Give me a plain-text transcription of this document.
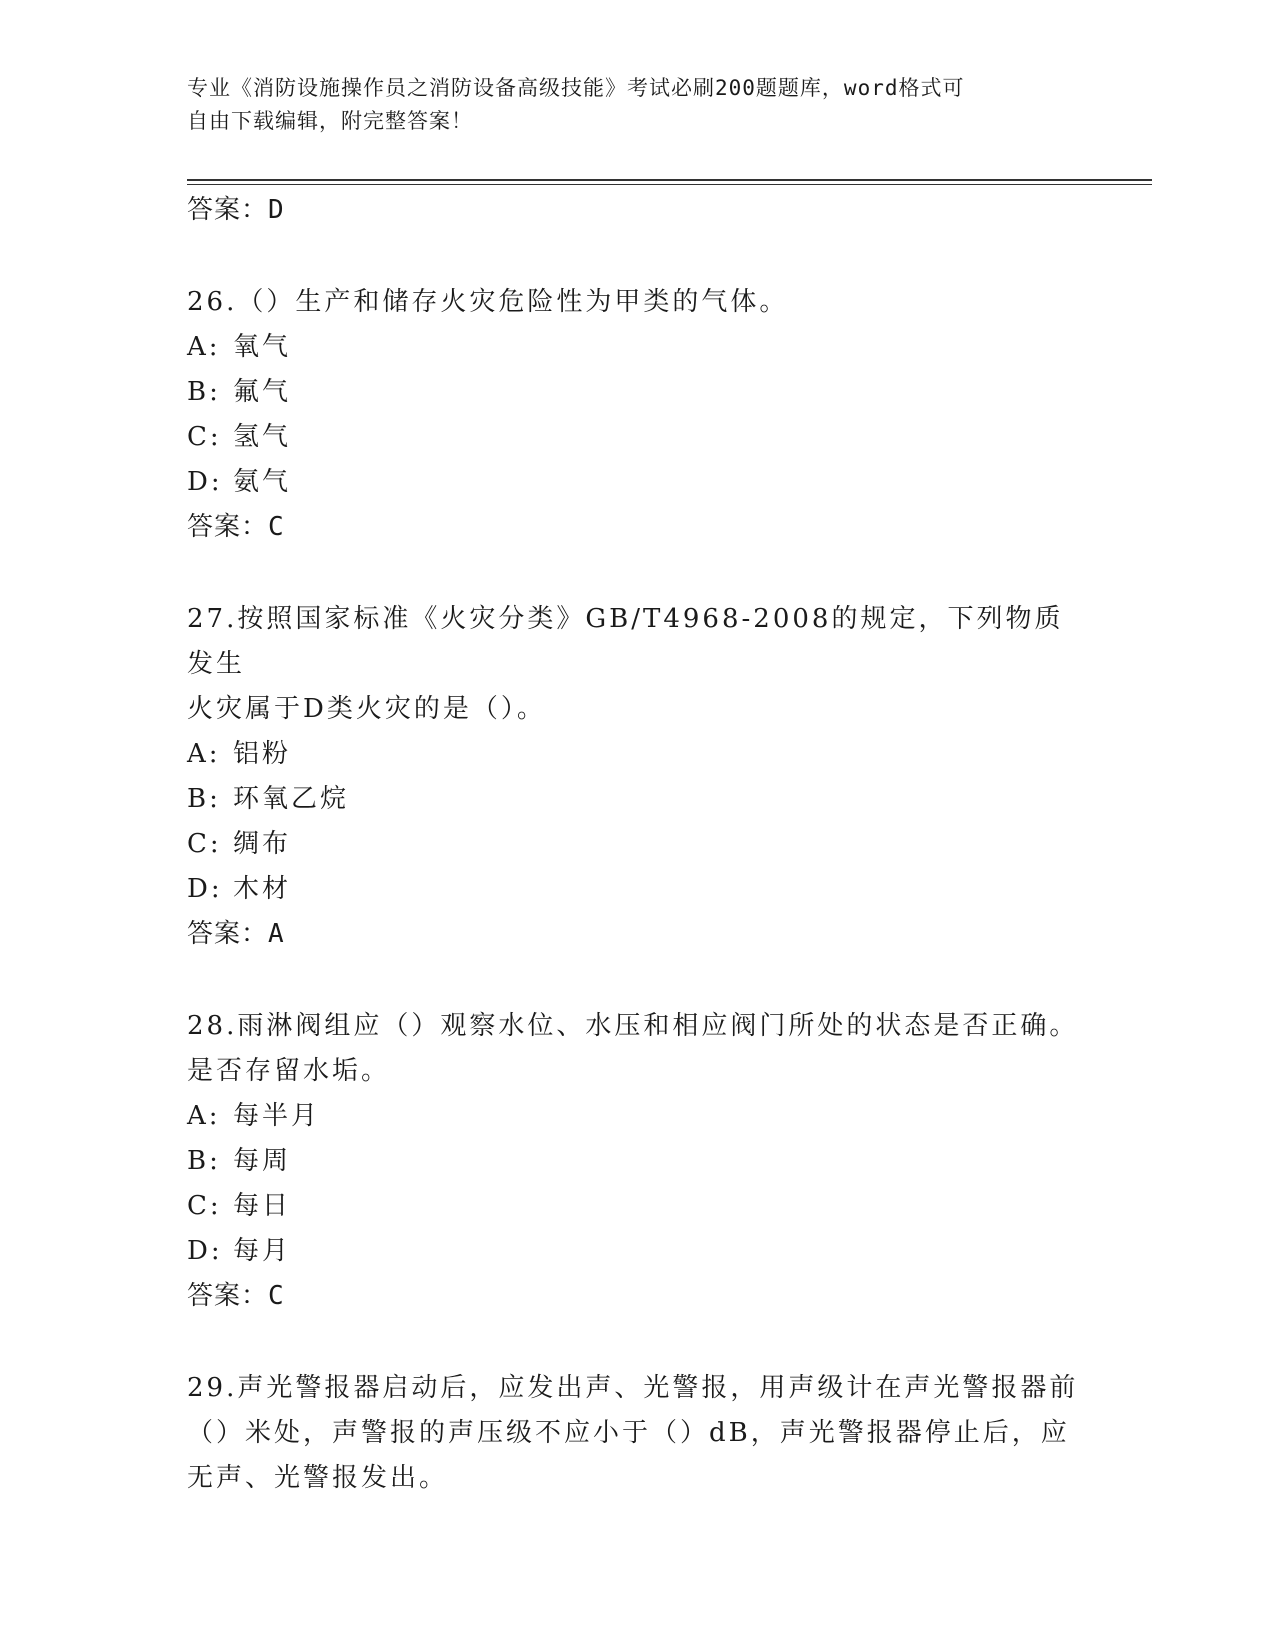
专业《消防设施操作员之消防设备高级技能》考试必刷200题题库，word格式可
自由下载编辑，附完整答案！
答案：D
26.（）生产和储存火灾危险性为甲类的气体。
A: 氧气
B: 氟气
C: 氢气
D: 氨气
答案：C
27.按照国家标准《火灾分类》GB/T4968-2008的规定，下列物质发生
火灾属于D类火灾的是（）。
A: 铝粉
B: 环氧乙烷
C: 绸布
D: 木材
答案：A
28.雨淋阀组应（）观察水位、水压和相应阀门所处的状态是否正确。
是否存留水垢。
A: 每半月
B: 每周
C: 每日
D: 每月
答案：C
29.声光警报器启动后，应发出声、光警报，用声级计在声光警报器前
（）米处，声警报的声压级不应小于（）dB，声光警报器停止后，应
无声、光警报发出。
